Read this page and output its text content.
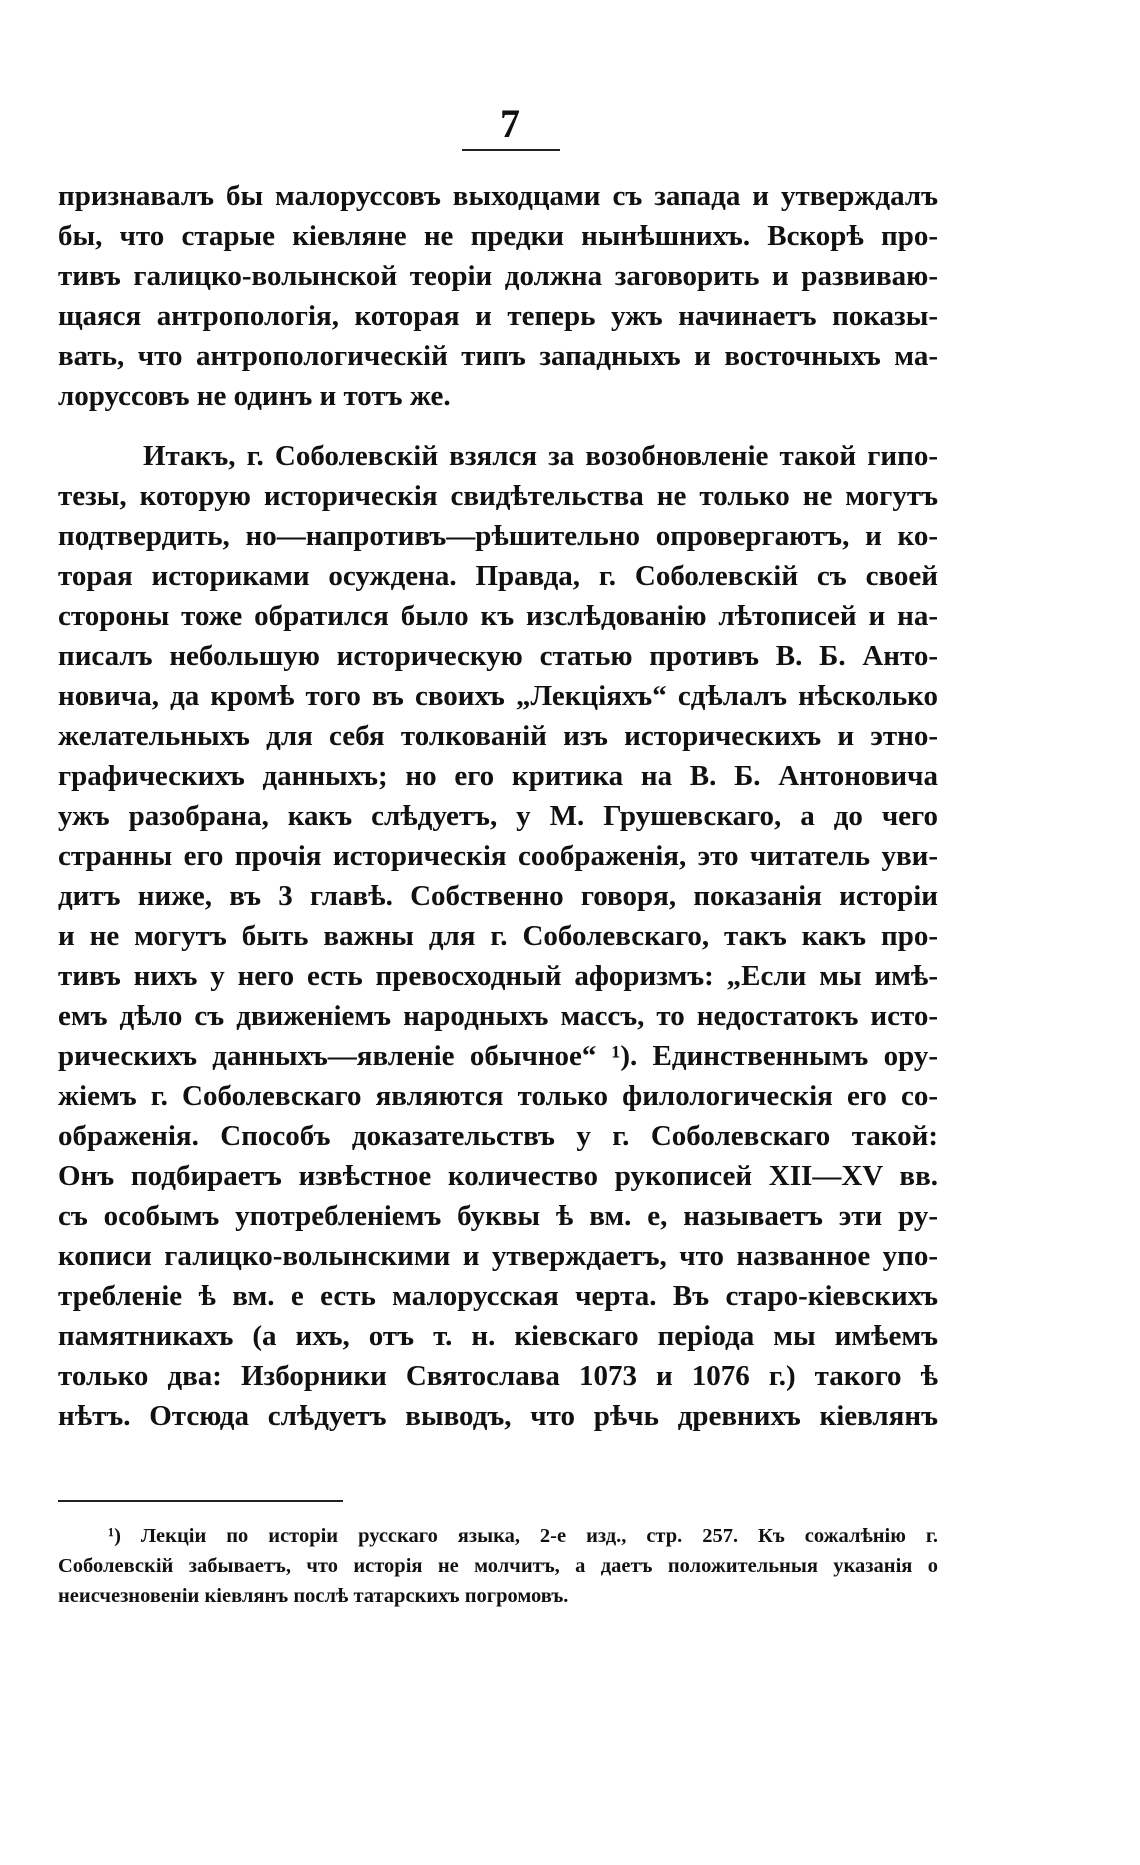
7
признавалъ бы малоруссовъ выходцами съ запада и утверждалъ
бы, что старые кіевляне не предки нынѣшнихъ. Вскорѣ про-
тивъ галицко-волынской теоріи должна заговорить и развиваю-
щаяся антропологія, которая и теперь ужъ начинаетъ показы-
вать, что антропологическій типъ западныхъ и восточныхъ ма-
лоруссовъ не одинъ и тотъ же.
Итакъ, г. Соболевскій взялся за возобновленіе такой гипо-
тезы, которую историческія свидѣтельства не только не могутъ
подтвердить, но—напротивъ—рѣшительно опровергаютъ, и ко-
торая историками осуждена. Правда, г. Соболевскій съ своей
стороны тоже обратился было къ изслѣдованію лѣтописей и на-
писалъ небольшую историческую статью противъ В. Б. Анто-
новича, да кромѣ того въ своихъ „Лекціяхъ“ сдѣлалъ нѣсколько
желательныхъ для себя толкованій изъ историческихъ и этно-
графическихъ данныхъ; но его критика на В. Б. Антоновича
ужъ разобрана, какъ слѣдуетъ, у М. Грушевскаго, а до чего
странны его прочія историческія соображенія, это читатель уви-
дитъ ниже, въ 3 главѣ. Собственно говоря, показанія исторіи
и не могутъ быть важны для г. Соболевскаго, такъ какъ про-
тивъ нихъ у него есть превосходный афоризмъ: „Если мы имѣ-
емъ дѣло съ движеніемъ народныхъ массъ, то недостатокъ исто-
рическихъ данныхъ—явленіе обычное“ ¹). Единственнымъ ору-
жіемъ г. Соболевскаго являются только филологическія его со-
ображенія. Способъ доказательствъ у г. Соболевскаго такой:
Онъ подбираетъ извѣстное количество рукописей XII—XV вв.
съ особымъ употребленіемъ буквы ѣ вм. е, называетъ эти ру-
кописи галицко-волынскими и утверждаетъ, что названное упо-
требленіе ѣ вм. е есть малорусская черта. Въ старо-кіевскихъ
памятникахъ (а ихъ, отъ т. н. кіевскаго періода мы имѣемъ
только два: Изборники Святослава 1073 и 1076 г.) такого ѣ
нѣтъ. Отсюда слѣдуетъ выводъ, что рѣчь древнихъ кіевлянъ
¹) Лекціи по исторіи русскаго языка, 2-е изд., стр. 257. Къ сожалѣнію г.
Соболевскій забываетъ, что исторія не молчитъ, а даетъ положительныя указанія о
неисчезновеніи кіевлянъ послѣ татарскихъ погромовъ.
